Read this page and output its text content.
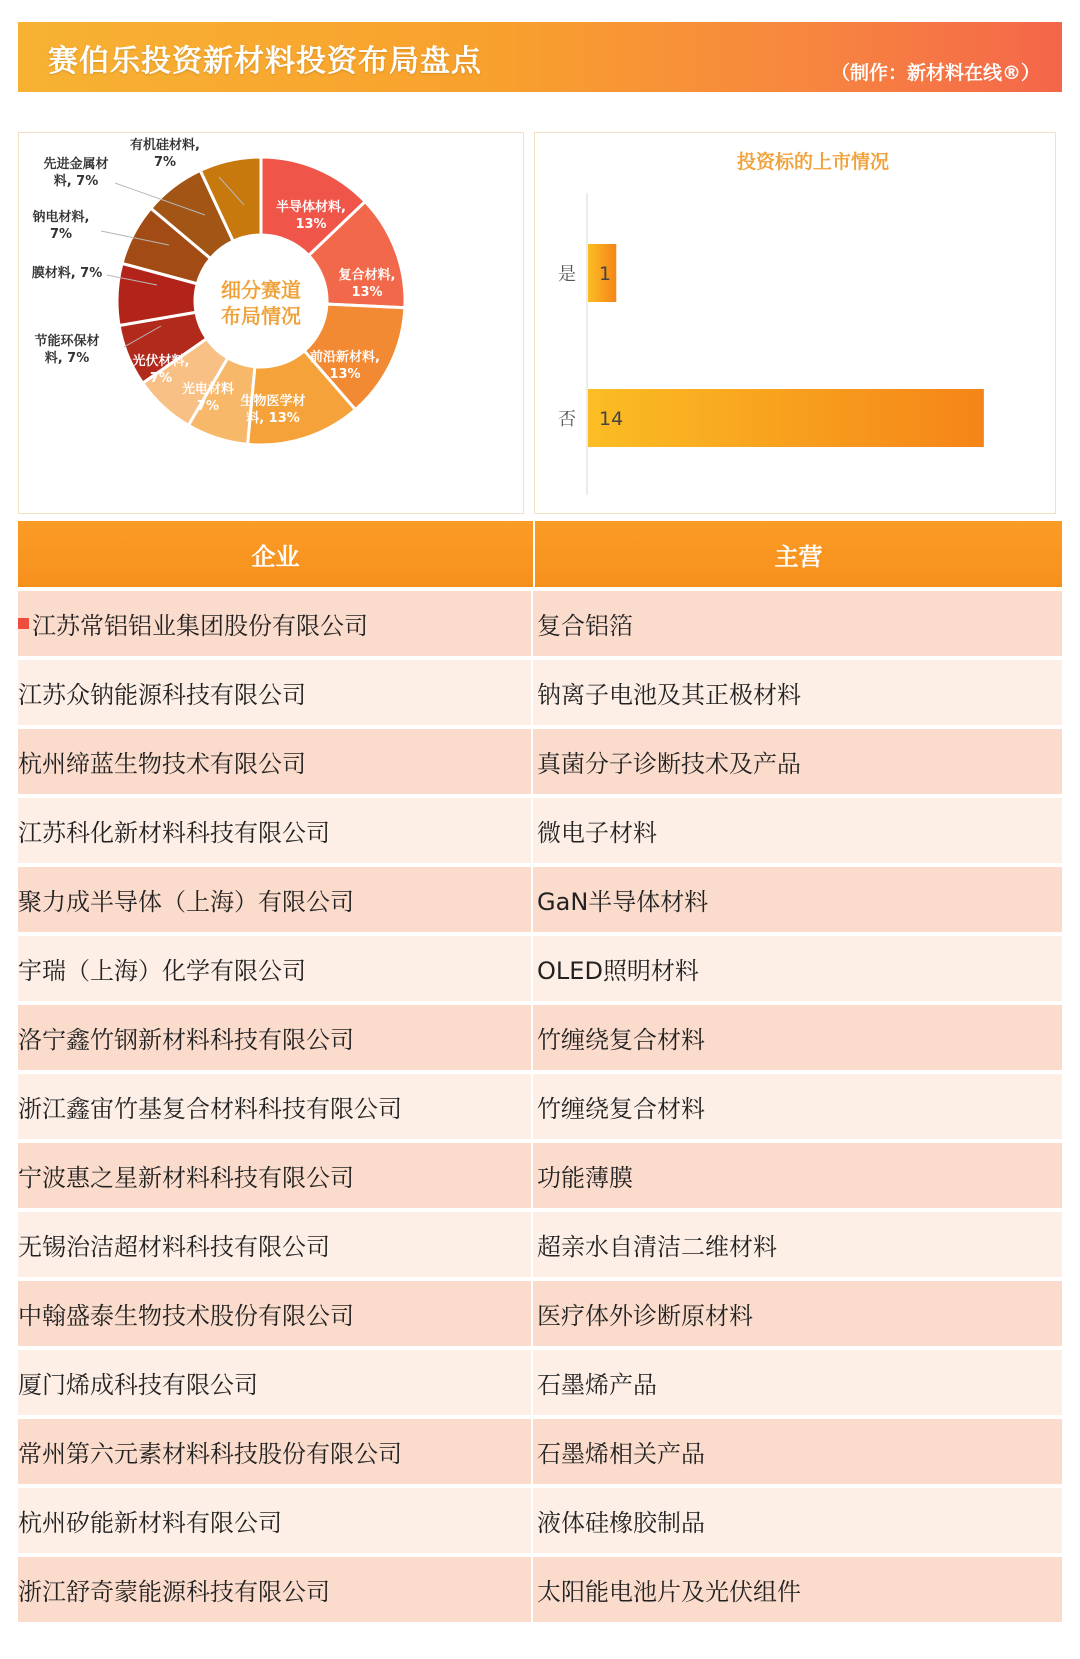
赛伯乐投资新材料投资布局盘点	（制作：新材料在线®）
细分赛道
布局情况
半导体材料,
13%
复合材料,
13%
前沿新材料,
13%
生物医学材
料, 13%
光电材料
7%
光伏材料,
7%
节能环保材
料, 7%
膜材料, 7%
钠电材料,
7%
先进金属材
料, 7%
有机硅材料,
7%	投资标的上市情况
是 1
否 14
企业	主营
江苏常铝铝业集团股份有限公司	复合铝箔
江苏众钠能源科技有限公司	钠离子电池及其正极材料
杭州缔蓝生物技术有限公司	真菌分子诊断技术及产品
江苏科化新材料科技有限公司	微电子材料
聚力成半导体（上海）有限公司	GaN半导体材料
宇瑞（上海）化学有限公司	OLED照明材料
洛宁鑫竹钢新材料科技有限公司	竹缠绕复合材料
浙江鑫宙竹基复合材料科技有限公司	竹缠绕复合材料
宁波惠之星新材料科技有限公司	功能薄膜
无锡治洁超材料科技有限公司	超亲水自清洁二维材料
中翰盛泰生物技术股份有限公司	医疗体外诊断原材料
厦门烯成科技有限公司	石墨烯产品
常州第六元素材料科技股份有限公司	石墨烯相关产品
杭州矽能新材料有限公司	液体硅橡胶制品
浙江舒奇蒙能源科技有限公司	太阳能电池片及光伏组件
